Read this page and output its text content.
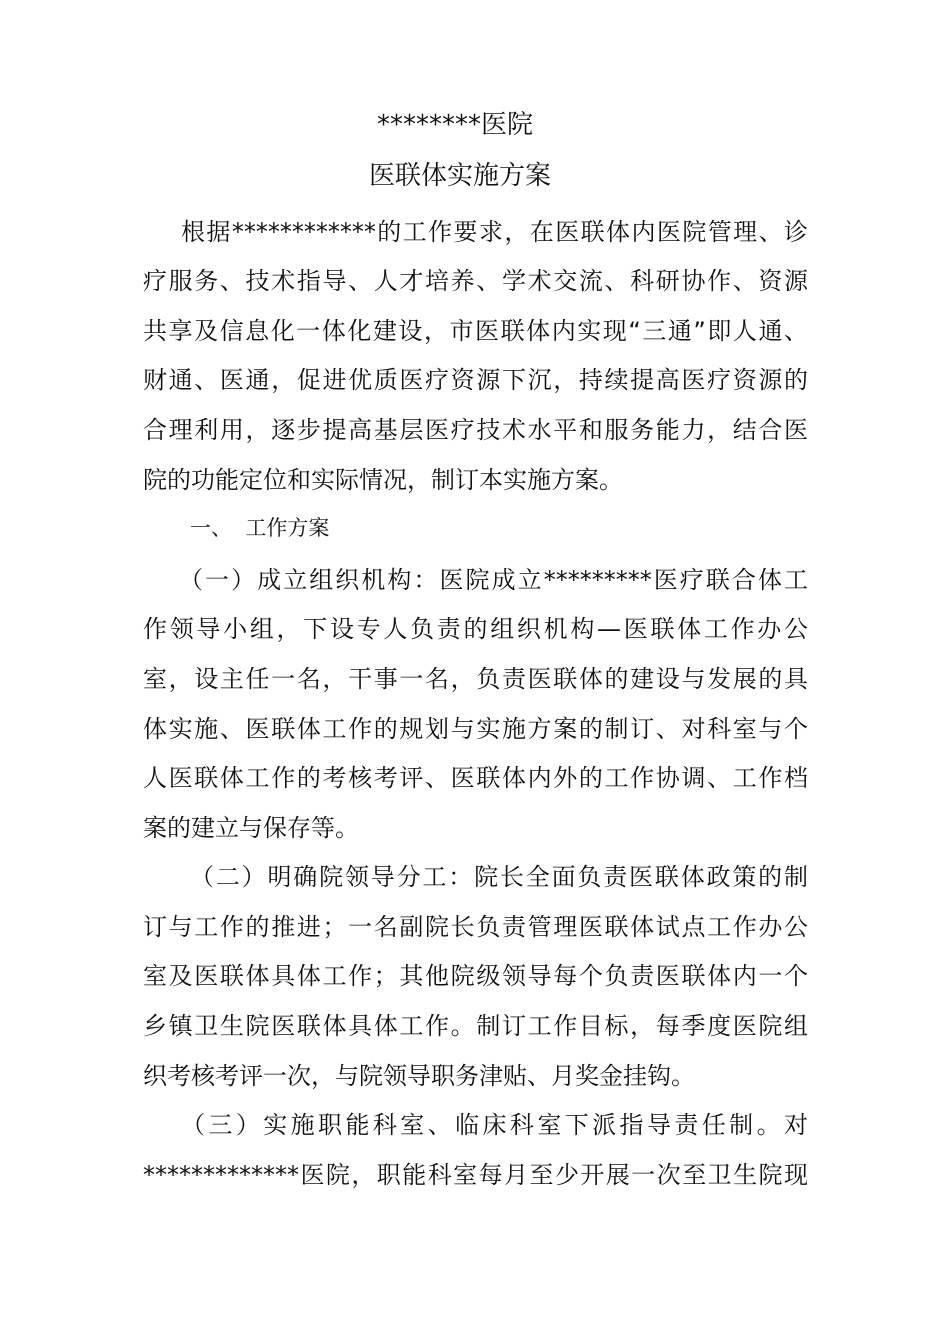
********医院
医联体实施方案
根据************的工作要求，在医联体内医院管理、诊
疗服务、技术指导、人才培养、学术交流、科研协作、资源
共享及信息化一体化建设，市医联体内实现“三通”即人通、
财通、医通，促进优质医疗资源下沉，持续提高医疗资源的
合理利用，逐步提高基层医疗技术水平和服务能力，结合医
院的功能定位和实际情况，制订本实施方案。
一、  工作方案
（一）成立组织机构：医院成立*********医疗联合体工
作领导小组，下设专人负责的组织机构—医联体工作办公
室，设主任一名，干事一名，负责医联体的建设与发展的具
体实施、医联体工作的规划与实施方案的制订、对科室与个
人医联体工作的考核考评、医联体内外的工作协调、工作档
案的建立与保存等。
（二）明确院领导分工：院长全面负责医联体政策的制
订与工作的推进；一名副院长负责管理医联体试点工作办公
室及医联体具体工作；其他院级领导每个负责医联体内一个
乡镇卫生院医联体具体工作。制订工作目标，每季度医院组
织考核考评一次，与院领导职务津贴、月奖金挂钩。
（三）实施职能科室、临床科室下派指导责任制。对
*************医院，职能科室每月至少开展一次至卫生院现
